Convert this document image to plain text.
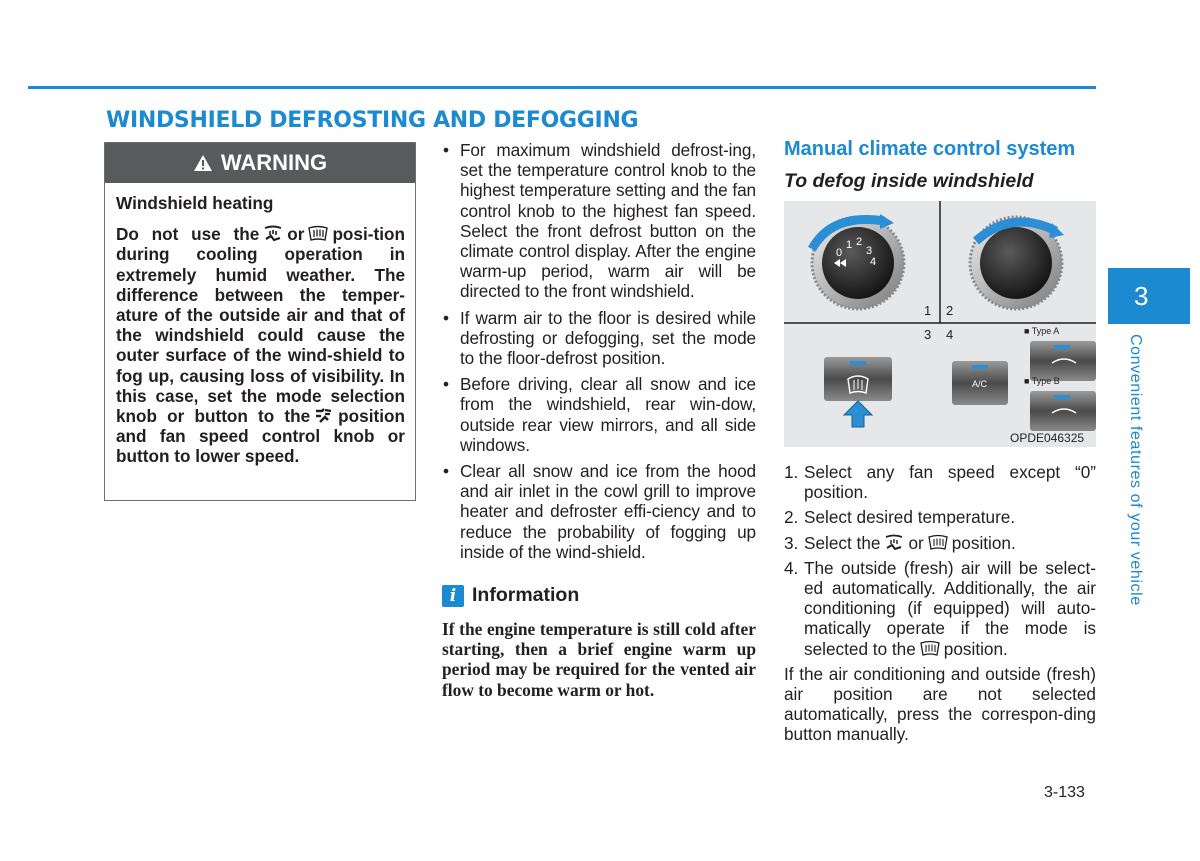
WINDSHIELD DEFROSTING AND DEFOGGING
WARNING
Windshield heating

Do not use the or posi-tion during cooling operation in extremely humid weather. The difference between the temper-ature of the outside air and that of the windshield could cause the outer surface of the wind-shield to fog up, causing loss of visibility. In this case, set the mode selection knob or button to the position and fan speed control knob or button to lower speed.

• For maximum windshield defrost-ing, set the temperature control knob to the highest temperature setting and the fan control knob to the highest fan speed. Select the front defrost button on the climate control display. After the engine warm-up period, warm air will be directed to the front windshield.
• If warm air to the floor is desired while defrosting or defogging, set the mode to the floor-defrost position.
• Before driving, clear all snow and ice from the windshield, rear win-dow, outside rear view mirrors, and all side windows.
• Clear all snow and ice from the hood and air inlet in the cowl grill to improve heater and defroster effi-ciency and to reduce the probability of fogging up inside of the wind-shield.
i Information
If the engine temperature is still cold after starting, then a brief engine warm up period may be required for the vented air flow to become warm or hot.
Manual climate control system
To defog inside windshield
0
1 2
3
4
1 2
3 4
A/C
■ Type A
■ Type B
OPDE046325
1. Select any fan speed except “0” position.
2. Select desired temperature.
3. Select the or position.
4. The outside (fresh) air will be select-ed automatically. Additionally, the air conditioning (if equipped) will auto-matically operate if the mode is selected to the position.

If the air conditioning and outside (fresh) air position are not selected automatically, press the correspon-ding button manually.

3-133
3
Convenient features of your vehicle
